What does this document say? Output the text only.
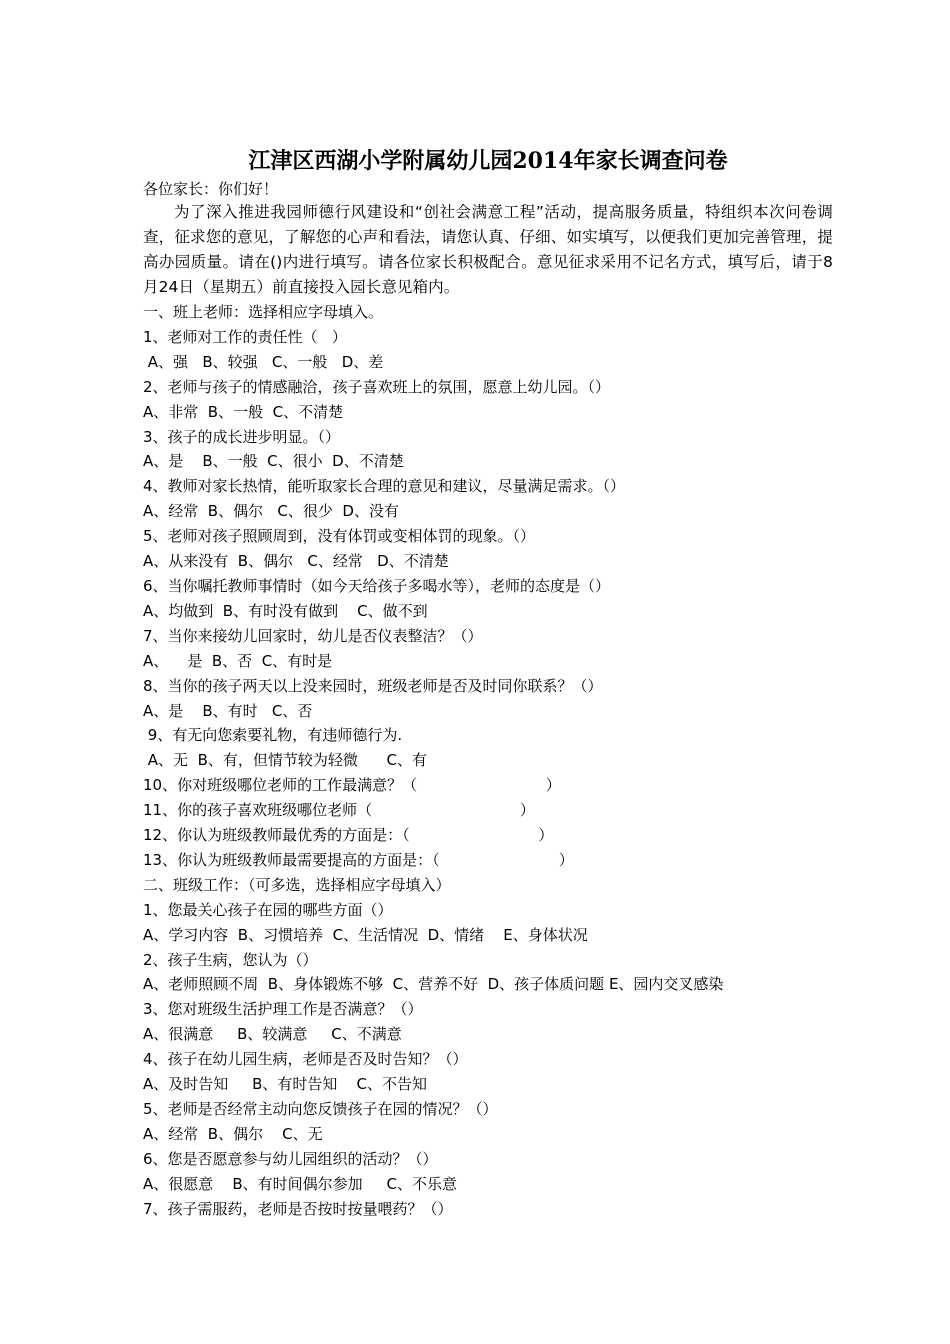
江津区西湖小学附属幼儿园2014年家长调查问卷

各位家长：你们好！

为了深入推进我园师德行风建设和“创社会满意工程”活动，提高服务质量，特组织本次问卷调查，征求您的意见，了解您的心声和看法，请您认真、仔细、如实填写，以便我们更加完善管理，提高办园质量。请在()内进行填写。请各位家长积极配合。意见征求采用不记名方式，填写后，请于8月24日（星期五）前直接投入园长意见箱内。

一、班上老师：选择相应字母填入。

1、老师对工作的责任性（   ）

A、强   B、较强   C、一般   D、差

2、老师与孩子的情感融洽，孩子喜欢班上的氛围，愿意上幼儿园。（）

A、非常  B、一般  C、不清楚

3、孩子的成长进步明显。（）

A、是    B、一般  C、很小  D、不清楚

4、教师对家长热情，能听取家长合理的意见和建议，尽量满足需求。（）

A、经常  B、偶尔   C、很少  D、没有

5、老师对孩子照顾周到，没有体罚或变相体罚的现象。（）

A、从来没有  B、偶尔   C、经常   D、不清楚

6、当你嘱托教师事情时（如今天给孩子多喝水等），老师的态度是（）

A、均做到  B、有时没有做到    C、做不到

7、当你来接幼儿回家时，幼儿是否仪表整洁？（）

A、    是  B、否  C、有时是

8、当你的孩子两天以上没来园时，班级老师是否及时同你联系？（）

A、是    B、有时   C、否

9、有无向您索要礼物，有违师德行为.

A、无  B、有，但情节较为轻微      C、有

10、你对班级哪位老师的工作最满意？（                           ）

11、你的孩子喜欢班级哪位老师（                               ）

12、你认为班级教师最优秀的方面是：（                           ）

13、你认为班级教师最需要提高的方面是：（                         ）

二、班级工作：（可多选，选择相应字母填入）

1、您最关心孩子在园的哪些方面（）

A、学习内容  B、习惯培养  C、生活情况  D、情绪    E、身体状况

2、孩子生病，您认为（）

A、老师照顾不周  B、身体锻炼不够  C、营养不好  D、孩子体质问题 E、园内交叉感染

3、您对班级生活护理工作是否满意？（）

A、很满意     B、较满意     C、不满意

4、孩子在幼儿园生病，老师是否及时告知？（）

A、及时告知     B、有时告知    C、不告知

5、老师是否经常主动向您反馈孩子在园的情况？（）

A、经常  B、偶尔    C、无

6、您是否愿意参与幼儿园组织的活动？（）

A、很愿意    B、有时间偶尔参加     C、不乐意

7、孩子需服药，老师是否按时按量喂药？（）
